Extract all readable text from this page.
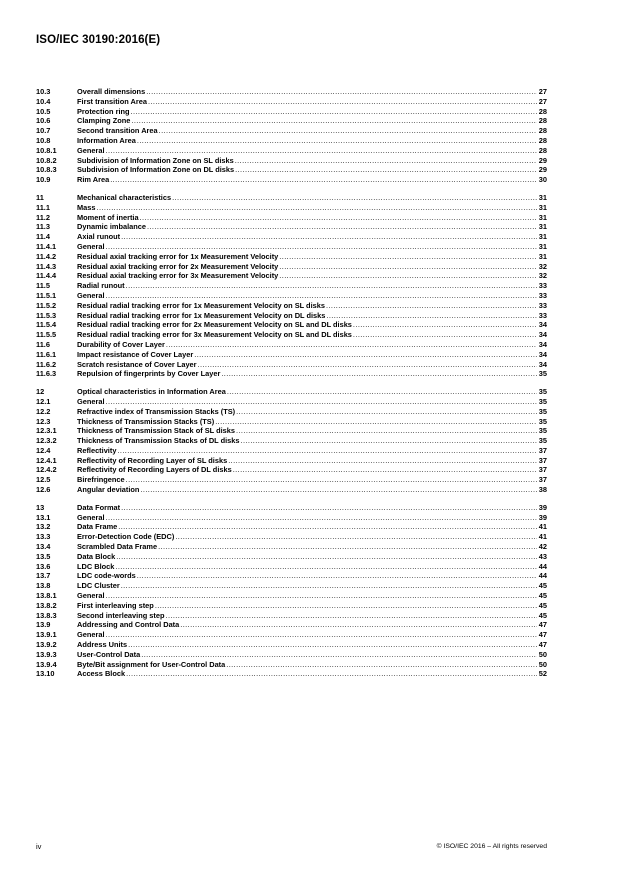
ISO/IEC 30190:2016(E)
10.3	Overall dimensions .....	27
10.4	First transition Area .....	27
10.5	Protection ring .....	28
10.6	Clamping Zone .....	28
10.7	Second transition Area .....	28
10.8	Information Area .....	28
10.8.1	General .....	28
10.8.2	Subdivision of Information Zone on SL disks .....	29
10.8.3	Subdivision of Information Zone on DL disks .....	29
10.9	Rim Area .....	30
11	Mechanical characteristics .....	31
11.1	Mass .....	31
11.2	Moment of inertia .....	31
11.3	Dynamic imbalance .....	31
11.4	Axial runout .....	31
11.4.1	General .....	31
11.4.2	Residual axial tracking error for 1x Measurement Velocity .....	31
11.4.3	Residual axial tracking error for 2x Measurement Velocity .....	32
11.4.4	Residual axial tracking error for 3x Measurement Velocity .....	32
11.5	Radial runout .....	33
11.5.1	General .....	33
11.5.2	Residual radial tracking error for 1x Measurement Velocity on SL disks .....	33
11.5.3	Residual radial tracking error for 1x Measurement Velocity on DL disks .....	33
11.5.4	Residual radial tracking error for 2x Measurement Velocity on SL and DL disks .....	34
11.5.5	Residual radial tracking error for 3x Measurement Velocity on SL and DL disks .....	34
11.6	Durability of Cover Layer .....	34
11.6.1	Impact resistance of Cover Layer .....	34
11.6.2	Scratch resistance of Cover Layer .....	34
11.6.3	Repulsion of fingerprints by Cover Layer .....	35
12	Optical characteristics in Information Area .....	35
12.1	General .....	35
12.2	Refractive index of Transmission Stacks (TS) .....	35
12.3	Thickness of Transmission Stacks (TS) .....	35
12.3.1	Thickness of Transmission Stack of SL disks .....	35
12.3.2	Thickness of Transmission Stacks of DL disks .....	35
12.4	Reflectivity .....	37
12.4.1	Reflectivity of Recording Layer of SL disks .....	37
12.4.2	Reflectivity of Recording Layers of DL disks .....	37
12.5	Birefringence .....	37
12.6	Angular deviation .....	38
13	Data Format .....	39
13.1	General .....	39
13.2	Data Frame .....	41
13.3	Error-Detection Code (EDC) .....	41
13.4	Scrambled Data Frame .....	42
13.5	Data Block .....	43
13.6	LDC Block .....	44
13.7	LDC code-words .....	44
13.8	LDC Cluster .....	45
13.8.1	General .....	45
13.8.2	First interleaving step .....	45
13.8.3	Second interleaving step .....	45
13.9	Addressing and Control Data .....	47
13.9.1	General .....	47
13.9.2	Address Units .....	47
13.9.3	User-Control Data .....	50
13.9.4	Byte/Bit assignment for User-Control Data .....	50
13.10	Access Block .....	52
iv	© ISO/IEC 2016 – All rights reserved
